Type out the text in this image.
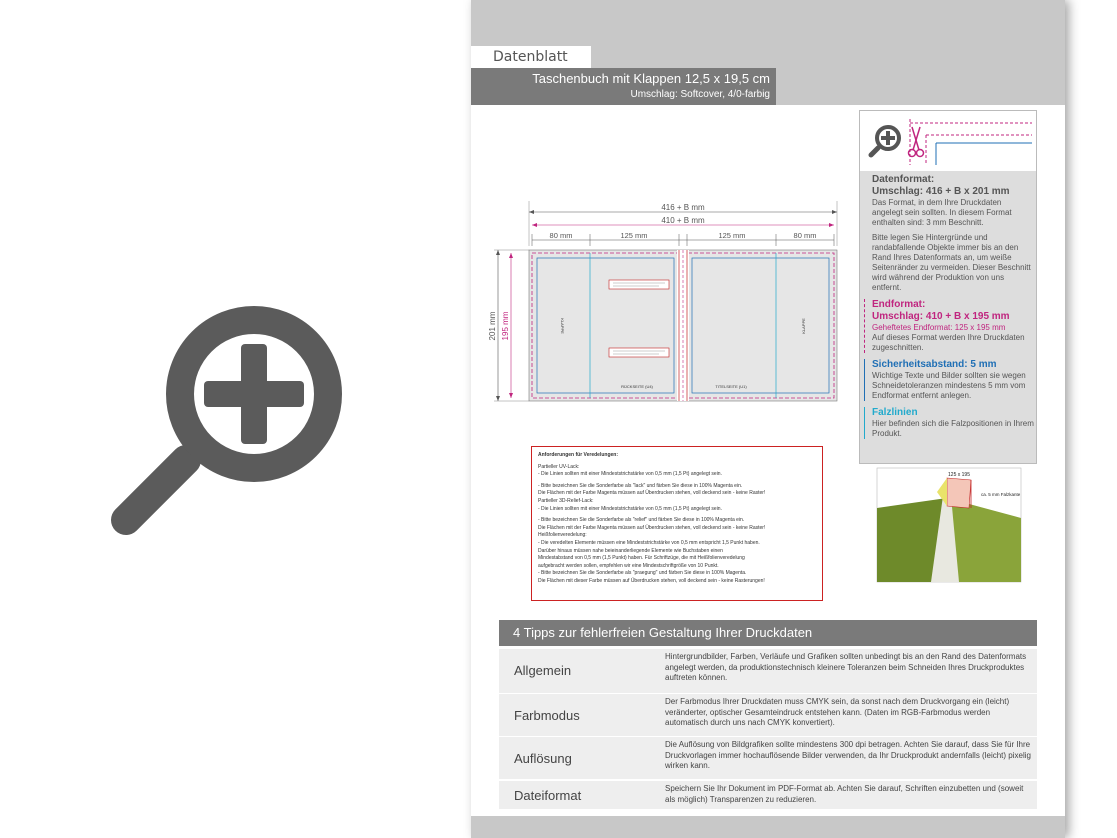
Datenblatt
Taschenbuch mit Klappen 12,5 x 19,5 cm
Umschlag: Softcover, 4/0-farbig
416 + B mm
410 + B mm
80 mm	125 mm	125 mm	80 mm
201 mm 195 mm	KLAPPE	KLAPPE
RÜCKSEITE (U4)	TITELSEITE (U1)
Datenformat:
Umschlag: 416 + B x 201 mm
Das Format, in dem Ihre Druckdaten angelegt sein sollten. In diesem Format enthalten sind: 3 mm Beschnitt.
Bitte legen Sie Hintergründe und randabfallende Objekte immer bis an den Rand Ihres Datenformats an, um weiße Seitenränder zu vermeiden. Dieser Beschnitt wird während der Produktion von uns entfernt.
Endformat:
Umschlag: 410 + B x 195 mm
Geheftetes Endformat: 125 x 195 mm
Auf dieses Format werden Ihre Druckdaten zugeschnitten.
Sicherheitsabstand: 5 mm
Wichtige Texte und Bilder sollten sie wegen Schneidetoleranzen mindestens 5 mm vom Endformat entfernt anlegen.
Falzlinien
Hier befinden sich die Falzpositionen in Ihrem Produkt.
125 x 195
ca. 5 mm Falzkante
Anforderungen für Veredelungen:
Partieller UV-Lack:
- Die Linien sollten mit einer Mindeststrichstärke von 0,5 mm (1,5 Pt) angelegt sein.
- Bitte bezeichnen Sie die Sonderfarbe als "lack" und färben Sie diese in 100% Magenta ein.
Die Flächen mit der Farbe Magenta müssen auf Überdrucken stehen, voll deckend sein - keine Raster!
Partieller 3D-Relief-Lack:
- Die Linien sollten mit einer Mindeststrichstärke von 0,5 mm (1,5 Pt) angelegt sein.
- Bitte bezeichnen Sie die Sonderfarbe als "relief" und färben Sie diese in 100% Magenta ein.
Die Flächen mit der Farbe Magenta müssen auf Überdrucken stehen, voll deckend sein - keine Raster!
Heißfolienveredelung:
- Die veredelten Elemente müssen eine Mindeststrichstärke von 0,5 mm entspricht 1,5 Punkt haben.
Darüber hinaus müssen nahe beieinanderliegende Elemente wie Buchstaben einen
Mindestabstand von 0,5 mm (1,5 Punkt) haben. Für Schriftzüge, die mit Heißfolienveredelung
aufgebracht werden sollen, empfehlen wir eine Mindestschriftgröße von 10 Punkt.
- Bitte bezeichnen Sie die Sonderfarbe als "praegung" und färben Sie diese in 100% Magenta.
Die Flächen mit dieser Farbe müssen auf Überdrucken stehen, voll deckend sein - keine Rasterungen!
4 Tipps zur fehlerfreien Gestaltung Ihrer Druckdaten
Allgemein
Hintergrundbilder, Farben, Verläufe und Grafiken sollten unbedingt bis an den Rand des Datenformats angelegt werden, da produktionstechnisch kleinere Toleranzen beim Schneiden Ihres Druckproduktes auftreten können.
Farbmodus
Der Farbmodus Ihrer Druckdaten muss CMYK sein, da sonst nach dem Druckvorgang ein (leicht) veränderter, optischer Gesamteindruck entstehen kann. (Daten im RGB-Farbmodus werden automatisch durch uns nach CMYK konvertiert).
Auflösung
Die Auflösung von Bildgrafiken sollte mindestens 300 dpi betragen. Achten Sie darauf, dass Sie für Ihre Druckvorlagen immer hochauflösende Bilder verwenden, da Ihr Druckprodukt andernfalls (leicht) pixelig wirken kann.
Dateiformat	Speichern Sie Ihr Dokument im PDF-Format ab. Achten Sie darauf, Schriften einzubetten und (soweit als möglich) Transparenzen zu reduzieren.
